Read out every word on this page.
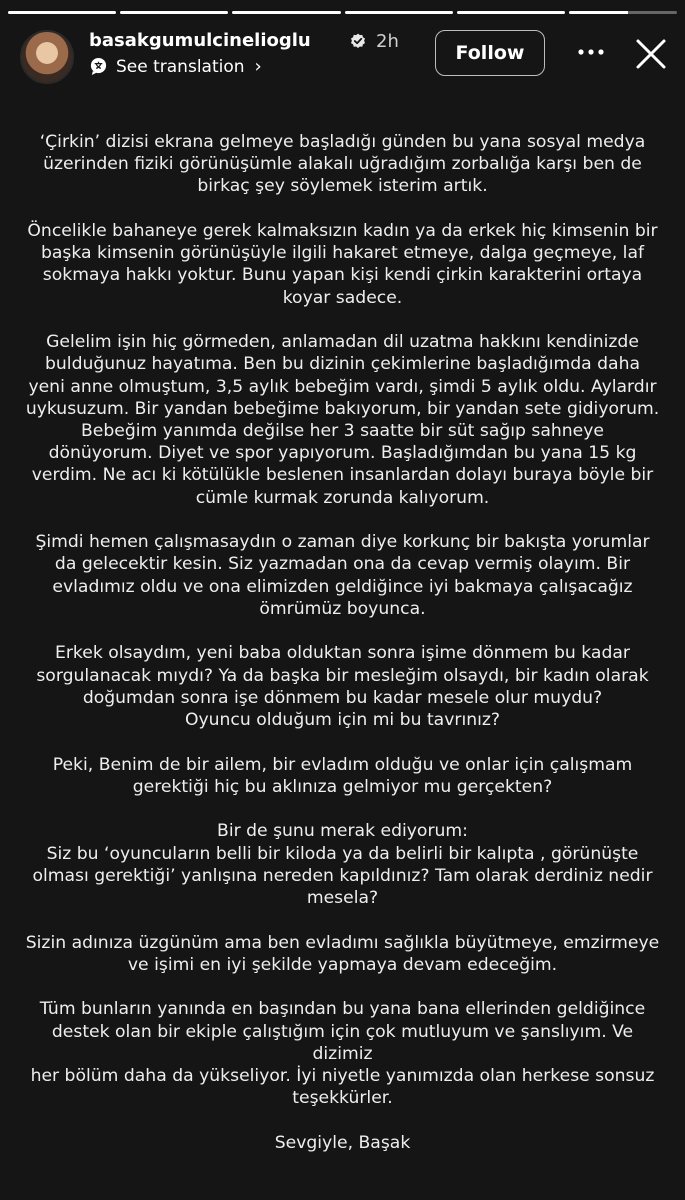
basakgumulcinelioglu	2h
See translation ›
Follow

‘Çirkin’ dizisi ekrana gelmeye başladığı günden bu yana sosyal medya
üzerinden fiziki görünüşümle alakalı uğradığım zorbalığa karşı ben de
birkaç şey söylemek isterim artık.

Öncelikle bahaneye gerek kalmaksızın kadın ya da erkek hiç kimsenin bir
başka kimsenin görünüşüyle ilgili hakaret etmeye, dalga geçmeye, laf
sokmaya hakkı yoktur. Bunu yapan kişi kendi çirkin karakterini ortaya
koyar sadece.

Gelelim işin hiç görmeden, anlamadan dil uzatma hakkını kendinizde
bulduğunuz hayatıma. Ben bu dizinin çekimlerine başladığımda daha
yeni anne olmuştum, 3,5 aylık bebeğim vardı, şimdi 5 aylık oldu. Aylardır
uykusuzum. Bir yandan bebeğime bakıyorum, bir yandan sete gidiyorum.
Bebeğim yanımda değilse her 3 saatte bir süt sağıp sahneye
dönüyorum. Diyet ve spor yapıyorum. Başladığımdan bu yana 15 kg
verdim. Ne acı ki kötülükle beslenen insanlardan dolayı buraya böyle bir
cümle kurmak zorunda kalıyorum.

Şimdi hemen çalışmasaydın o zaman diye korkunç bir bakışta yorumlar
da gelecektir kesin. Siz yazmadan ona da cevap vermiş olayım. Bir
evladımız oldu ve ona elimizden geldiğince iyi bakmaya çalışacağız
ömrümüz boyunca.

Erkek olsaydım, yeni baba olduktan sonra işime dönmem bu kadar
sorgulanacak mıydı? Ya da başka bir mesleğim olsaydı, bir kadın olarak
doğumdan sonra işe dönmem bu kadar mesele olur muydu?
Oyuncu olduğum için mi bu tavrınız?

Peki, Benim de bir ailem, bir evladım olduğu ve onlar için çalışmam
gerektiği hiç bu aklınıza gelmiyor mu gerçekten?

Bir de şunu merak ediyorum:
Siz bu ‘oyuncuların belli bir kiloda ya da belirli bir kalıpta , görünüşte
olması gerektiği’ yanlışına nereden kapıldınız? Tam olarak derdiniz nedir
mesela?

Sizin adınıza üzgünüm ama ben evladımı sağlıkla büyütmeye, emzirmeye
ve işimi en iyi şekilde yapmaya devam edeceğim.

Tüm bunların yanında en başından bu yana bana ellerinden geldiğince
destek olan bir ekiple çalıştığım için çok mutluyum ve şanslıyım. Ve dizimiz
her bölüm daha da yükseliyor. İyi niyetle yanımızda olan herkese sonsuz
teşekkürler.

Sevgiyle, Başak
